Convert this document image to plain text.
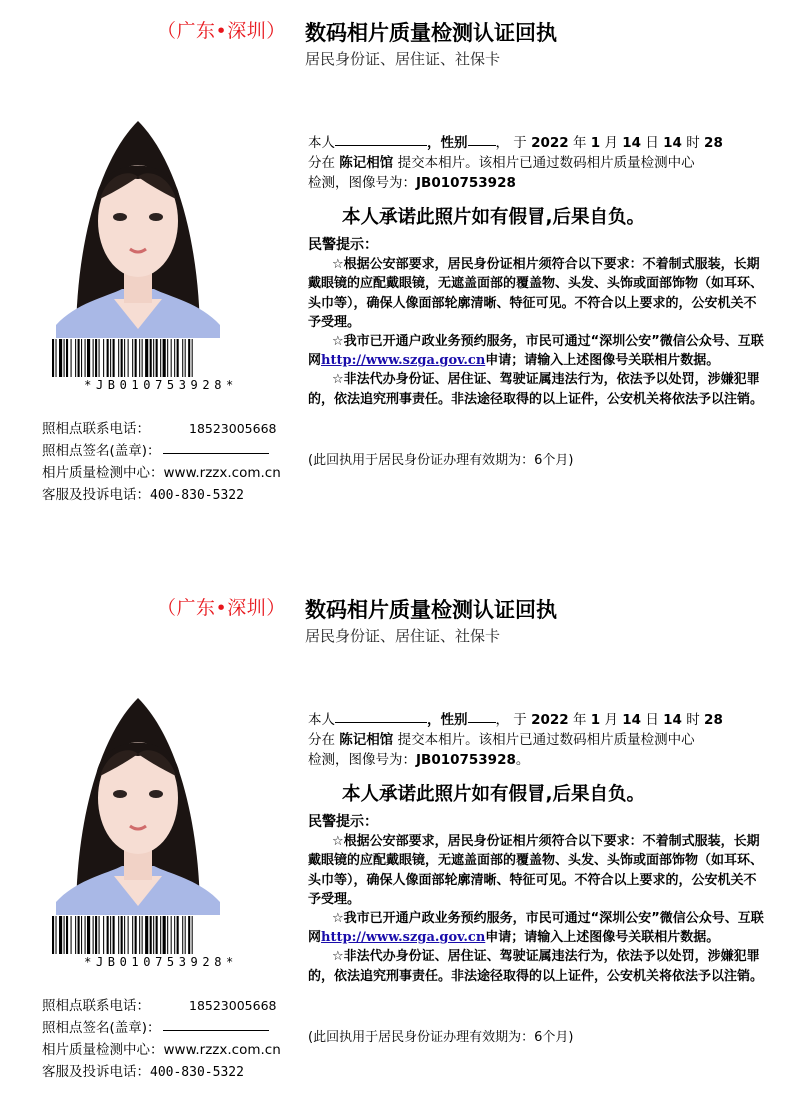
（广东•深圳） 数码相片质量检测认证回执
居民身份证、居住证、社保卡
*JB010753928*
照相点联系电话：	18523005668
照相点签名(盖章)：
相片质量检测中心：www.rzzx.com.cn
客服及投诉电话：400-830-5322
本人	，性别 ， 于 2022 年 1 月 14 日 14 时 28
分在 陈记相馆 提交本相片。该相片已通过数码相片质量检测中心
检测，图像号为：JB010753928
本人承诺此照片如有假冒,后果自负。
民警提示：
☆根据公安部要求，居民身份证相片须符合以下要求：不着制式服装，长期戴眼镜的应配戴眼镜，无遮盖面部的覆盖物、头发、头饰或面部饰物（如耳环、头巾等），确保人像面部轮廓清晰、特征可见。不符合以上要求的，公安机关不予受理。
☆我市已开通户政业务预约服务，市民可通过“深圳公安”微信公众号、互联网http://www.szga.gov.cn申请；请输入上述图像号关联相片数据。
☆非法代办身份证、居住证、驾驶证属违法行为，依法予以处罚，涉嫌犯罪的，依法追究刑事责任。非法途径取得的以上证件，公安机关将依法予以注销。
(此回执用于居民身份证办理有效期为：6个月)
（广东•深圳） 数码相片质量检测认证回执
居民身份证、居住证、社保卡
*JB010753928*
照相点联系电话：	18523005668
照相点签名(盖章)：
相片质量检测中心：www.rzzx.com.cn
客服及投诉电话：400-830-5322
本人	，性别 ， 于 2022 年 1 月 14 日 14 时 28
分在 陈记相馆 提交本相片。该相片已通过数码相片质量检测中心
检测，图像号为：JB010753928。
本人承诺此照片如有假冒,后果自负。
民警提示：
☆根据公安部要求，居民身份证相片须符合以下要求：不着制式服装，长期戴眼镜的应配戴眼镜，无遮盖面部的覆盖物、头发、头饰或面部饰物（如耳环、头巾等），确保人像面部轮廓清晰、特征可见。不符合以上要求的，公安机关不予受理。
☆我市已开通户政业务预约服务，市民可通过“深圳公安”微信公众号、互联网http://www.szga.gov.cn申请；请输入上述图像号关联相片数据。
☆非法代办身份证、居住证、驾驶证属违法行为，依法予以处罚，涉嫌犯罪的，依法追究刑事责任。非法途径取得的以上证件，公安机关将依法予以注销。
(此回执用于居民身份证办理有效期为：6个月)
